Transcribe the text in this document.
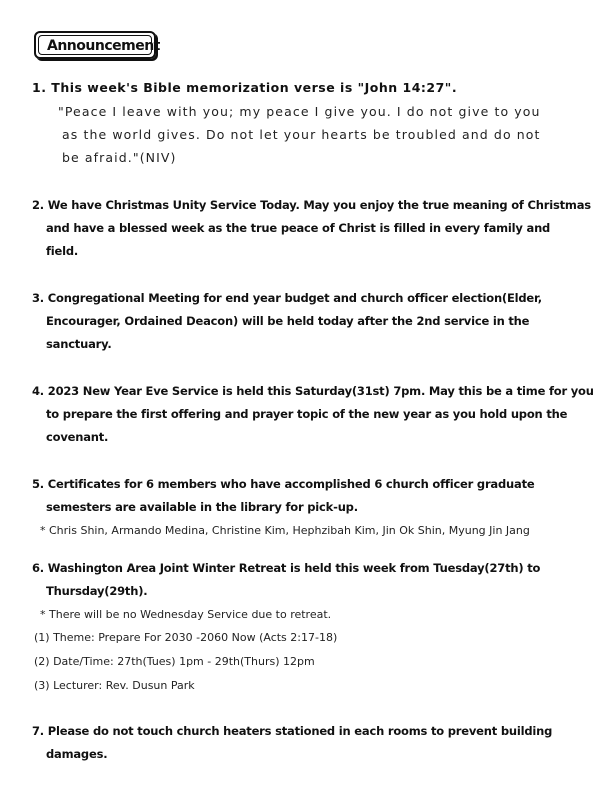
Announcement
1. This week's Bible memorization verse is "John 14:27".
"Peace I leave with you; my peace I give you. I do not give to you
as the world gives. Do not let your hearts be troubled and do not
be afraid."(NIV)
2. We have Christmas Unity Service Today. May you enjoy the true meaning of Christmas
and have a blessed week as the true peace of Christ is filled in every family and
field.
3. Congregational Meeting for end year budget and church officer election(Elder,
Encourager, Ordained Deacon) will be held today after the 2nd service in the
sanctuary.
4. 2023 New Year Eve Service is held this Saturday(31st) 7pm. May this be a time for you
to prepare the first offering and prayer topic of the new year as you hold upon the
covenant.
5. Certificates for 6 members who have accomplished 6 church officer graduate
semesters are available in the library for pick-up.
* Chris Shin, Armando Medina, Christine Kim, Hephzibah Kim, Jin Ok Shin, Myung Jin Jang
6. Washington Area Joint Winter Retreat is held this week from Tuesday(27th) to
Thursday(29th).
* There will be no Wednesday Service due to retreat.
(1) Theme: Prepare For 2030 -2060 Now (Acts 2:17-18)
(2) Date/Time: 27th(Tues) 1pm - 29th(Thurs) 12pm
(3) Lecturer: Rev. Dusun Park
7. Please do not touch church heaters stationed in each rooms to prevent building
damages.
